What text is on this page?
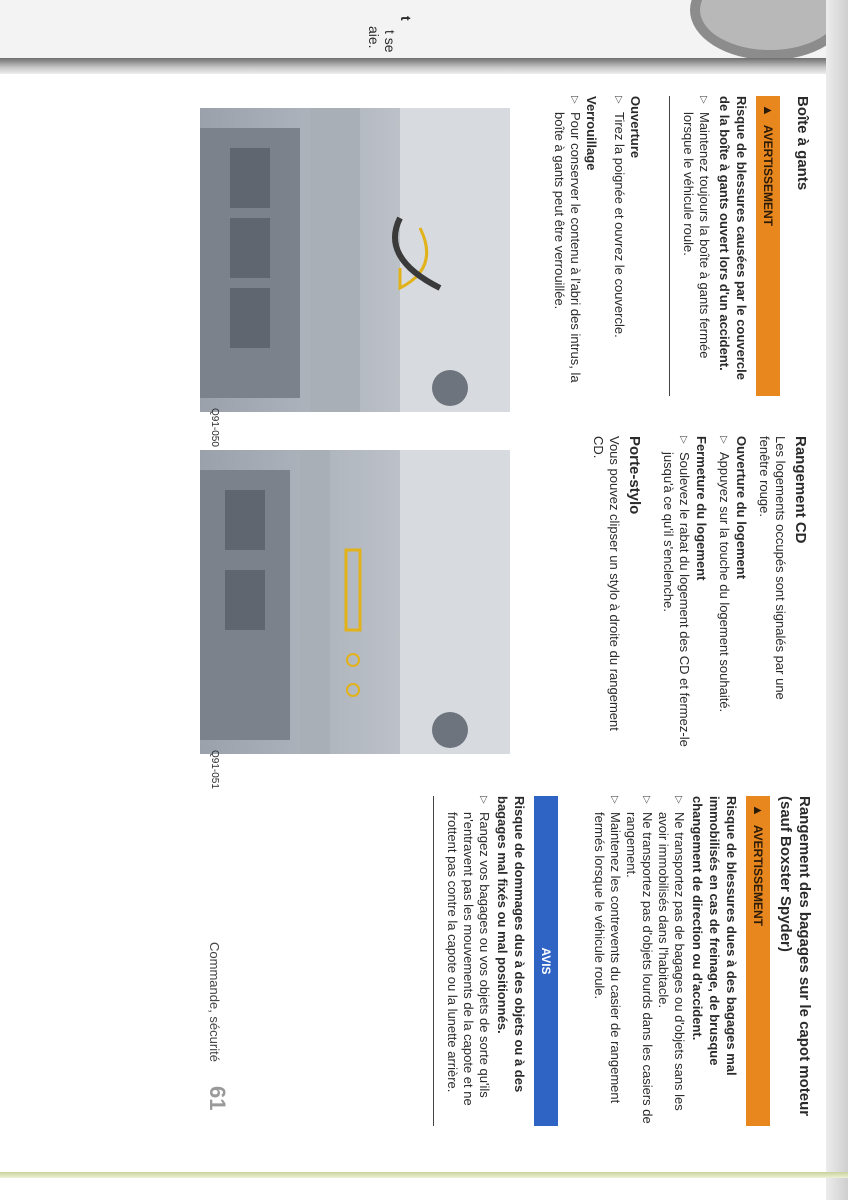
t
t se
aie.
Boîte à gants
▲AVERTISSEMENT
Risque de blessures causées par le couvercle de la boîte à gants ouvert lors d'un accident.
▷
Maintenez toujours la boîte à gants fermée lorsque le véhicule roule.
Ouverture
▷
Tirez la poignée et ouvrez le couvercle.
Verrouillage
▷
Pour conserver le contenu à l'abri des intrus, la boîte à gants peut être verrouillée.
Q91-050
Rangement CD

Les logements occupés sont signalés par une fenêtre rouge.

Ouverture du logement
▷
Appuyez sur la touche du logement souhaité.
Fermeture du logement
▷
Soulevez le rabat du logement des CD et fermez-le jusqu'à ce qu'il s'enclenche.
Porte-stylo

Vous pouvez clipser un stylo à droite du rangement CD.

Q91-051
Rangement des bagages sur le capot moteur (sauf Boxster Spyder)
▲AVERTISSEMENT
Risque de blessures dues à des bagages mal immobilisés en cas de freinage, de brusque changement de direction ou d'accident.
▷
Ne transportez pas de bagages ou d'objets sans les avoir immobilisés dans l'habitacle.
▷
Ne transportez pas d'objets lourds dans les casiers de rangement.
▷
Maintenez les contrevents du casier de rangement fermés lorsque le véhicule roule.
AVIS
Risque de dommages dus à des objets ou à des bagages mal fixés ou mal positionnés.
▷
Rangez vos bagages ou vos objets de sorte qu'ils n'entravent pas les mouvements de la capote et ne frottent pas contre la capote ou la lunette arrière.
Commande, sécurité
61
